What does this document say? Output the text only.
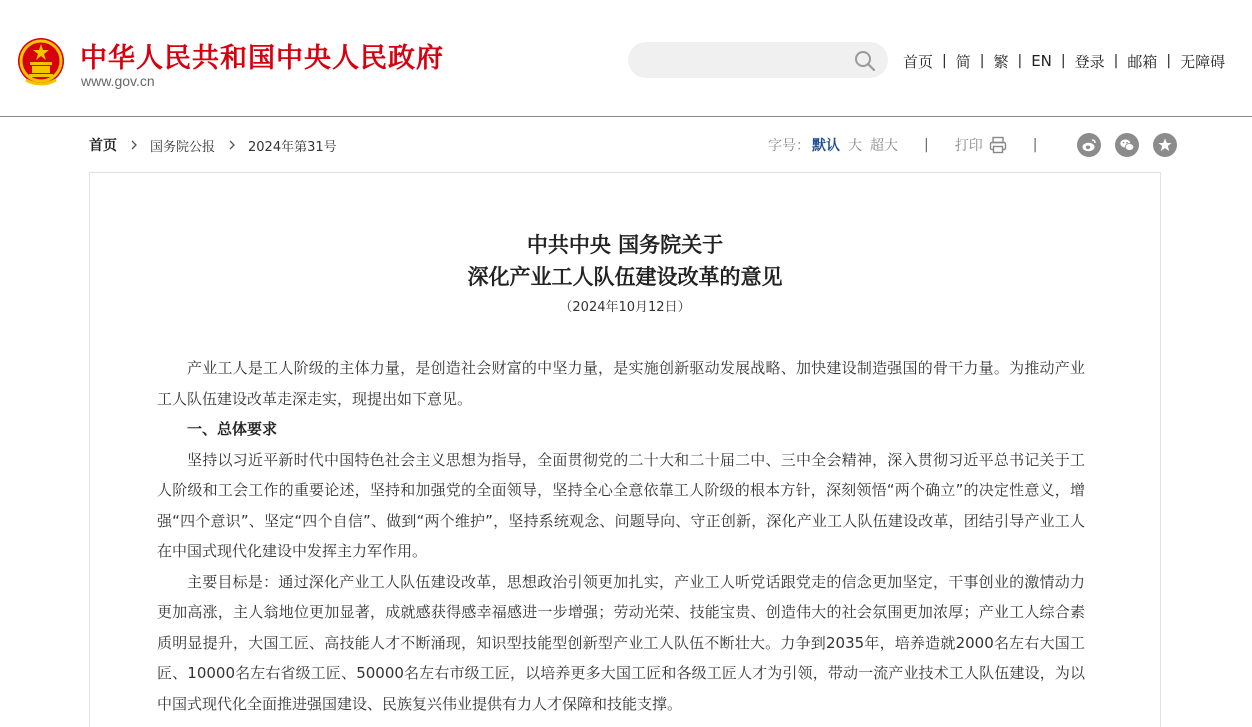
中华人民共和国中央人民政府
www.gov.cn
首页 | 简 | 繁 | EN | 登录 | 邮箱 | 无障碍
首页	国务院公报	2024年第31号	字号： 默认 大 超大 | 打印	|
中共中央 国务院关于
深化产业工人队伍建设改革的意见
（2024年10月12日）

产业工人是工人阶级的主体力量，是创造社会财富的中坚力量，是实施创新驱动发展战略、加快建设制造强国的骨干力量。为推动产业工人队伍建设改革走深走实，现提出如下意见。

一、总体要求

坚持以习近平新时代中国特色社会主义思想为指导，全面贯彻党的二十大和二十届二中、三中全会精神，深入贯彻习近平总书记关于工人阶级和工会工作的重要论述，坚持和加强党的全面领导，坚持全心全意依靠工人阶级的根本方针，深刻领悟“两个确立”的决定性意义，增强“四个意识”、坚定“四个自信”、做到“两个维护”，坚持系统观念、问题导向、守正创新，深化产业工人队伍建设改革，团结引导产业工人在中国式现代化建设中发挥主力军作用。

主要目标是：通过深化产业工人队伍建设改革，思想政治引领更加扎实，产业工人听党话跟党走的信念更加坚定，干事创业的激情动力更加高涨，主人翁地位更加显著，成就感获得感幸福感进一步增强；劳动光荣、技能宝贵、创造伟大的社会氛围更加浓厚；产业工人综合素质明显提升，大国工匠、高技能人才不断涌现，知识型技能型创新型产业工人队伍不断壮大。力争到2035年，培养造就2000名左右大国工匠、10000名左右省级工匠、50000名左右市级工匠，以培养更多大国工匠和各级工匠人才为引领，带动一流产业技术工人队伍建设，为以中国式现代化全面推进强国建设、民族复兴伟业提供有力人才保障和技能支撑。
